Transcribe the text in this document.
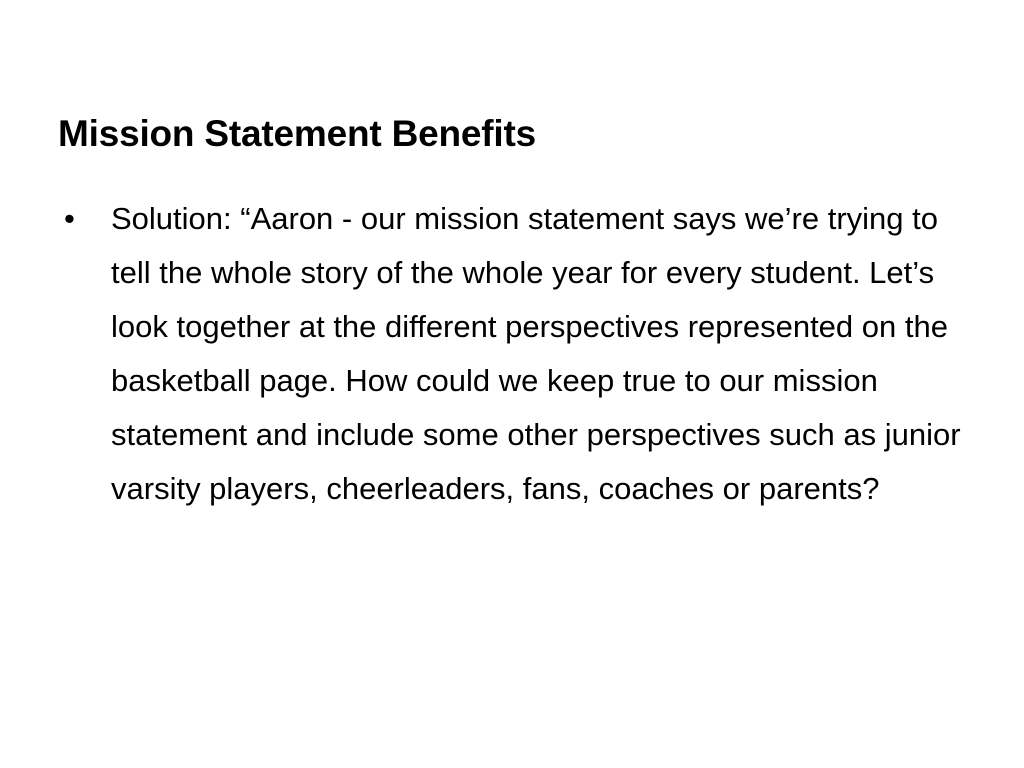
Mission Statement Benefits
•	Solution: “Aaron - our mission statement says we’re trying to tell the whole story of the whole year for every student. Let’s look together at the different perspectives represented on the basketball page. How could we keep true to our mission statement and include some other perspectives such as junior varsity players, cheerleaders, fans, coaches or parents?
